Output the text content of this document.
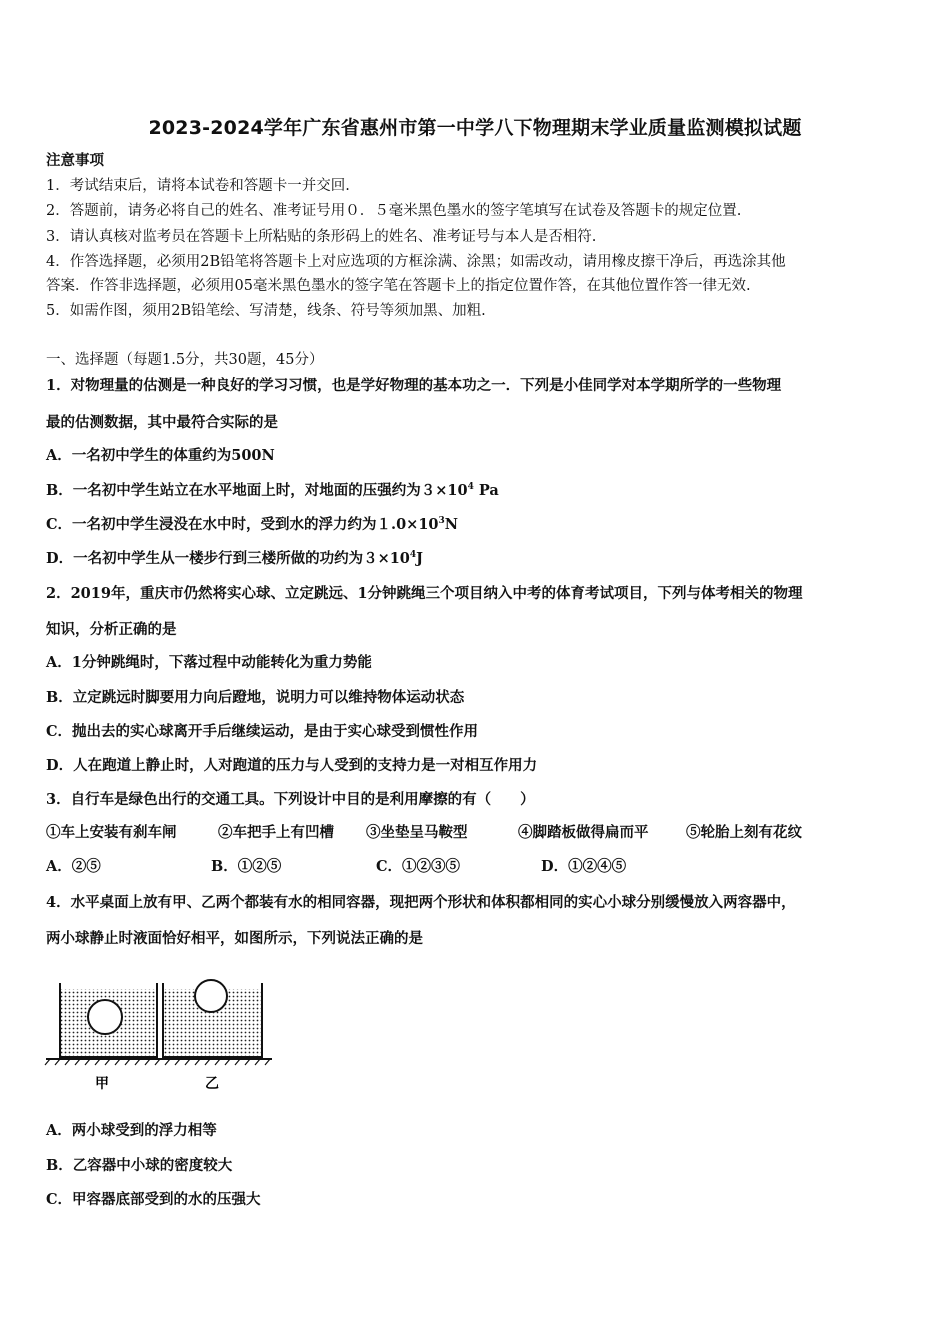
2023-2024学年广东省惠州市第一中学八下物理期末学业质量监测模拟试题
注意事项
1．考试结束后，请将本试卷和答题卡一并交回.
2．答题前，请务必将自己的姓名、准考证号用０．５毫米黑色墨水的签字笔填写在试卷及答题卡的规定位置.
3．请认真核对监考员在答题卡上所粘贴的条形码上的姓名、准考证号与本人是否相符.
4．作答选择题，必须用2B铅笔将答题卡上对应选项的方框涂满、涂黑；如需改动，请用橡皮擦干净后，再选涂其他
答案．作答非选择题，必须用05毫米黑色墨水的签字笔在答题卡上的指定位置作答，在其他位置作答一律无效.
5．如需作图，须用2B铅笔绘、写清楚，线条、符号等须加黑、加粗.
一、选择题（每题1.5分，共30题，45分）
1．对物理量的估测是一种良好的学习习惯，也是学好物理的基本功之一．下列是小佳同学对本学期所学的一些物理
最的估测数据，其中最符合实际的是
A．一名初中学生的体重约为500N
B．一名初中学生站立在水平地面上时，对地面的压强约为$3\times 10^4$ Pa
C．一名初中学生浸没在水中时，受到水的浮力约为$1.0\times 10^3N$
D．一名初中学生从一楼步行到三楼所做的功约为$3\times 10^4J$
2．2019年，重庆市仍然将实心球、立定跳远、1分钟跳绳三个项目纳入中考的体育考试项目，下列与体考相关的物理
知识，分析正确的是
A．1分钟跳绳时，下落过程中动能转化为重力势能
B．立定跳远时脚要用力向后蹬地，说明力可以维持物体运动状态
C．抛出去的实心球离开手后继续运动，是由于实心球受到惯性作用
D．人在跑道上静止时，人对跑道的压力与人受到的支持力是一对相互作用力
3．自行车是绿色出行的交通工具。下列设计中目的是利用摩擦的有（　　）
①车上安装有刹车闸	②车把手上有凹槽 ③坐垫呈马鞍型	④脚踏板做得扁而平	⑤轮胎上刻有花纹
A．②⑤	B．①②⑤	C．①②③⑤	D．①②④⑤
4．水平桌面上放有甲、乙两个都装有水的相同容器，现把两个形状和体积都相同的实心小球分别缓慢放入两容器中，
两小球静止时液面恰好相平，如图所示，下列说法正确的是
甲	乙
A．两小球受到的浮力相等
B．乙容器中小球的密度较大
C．甲容器底部受到的水的压强大
